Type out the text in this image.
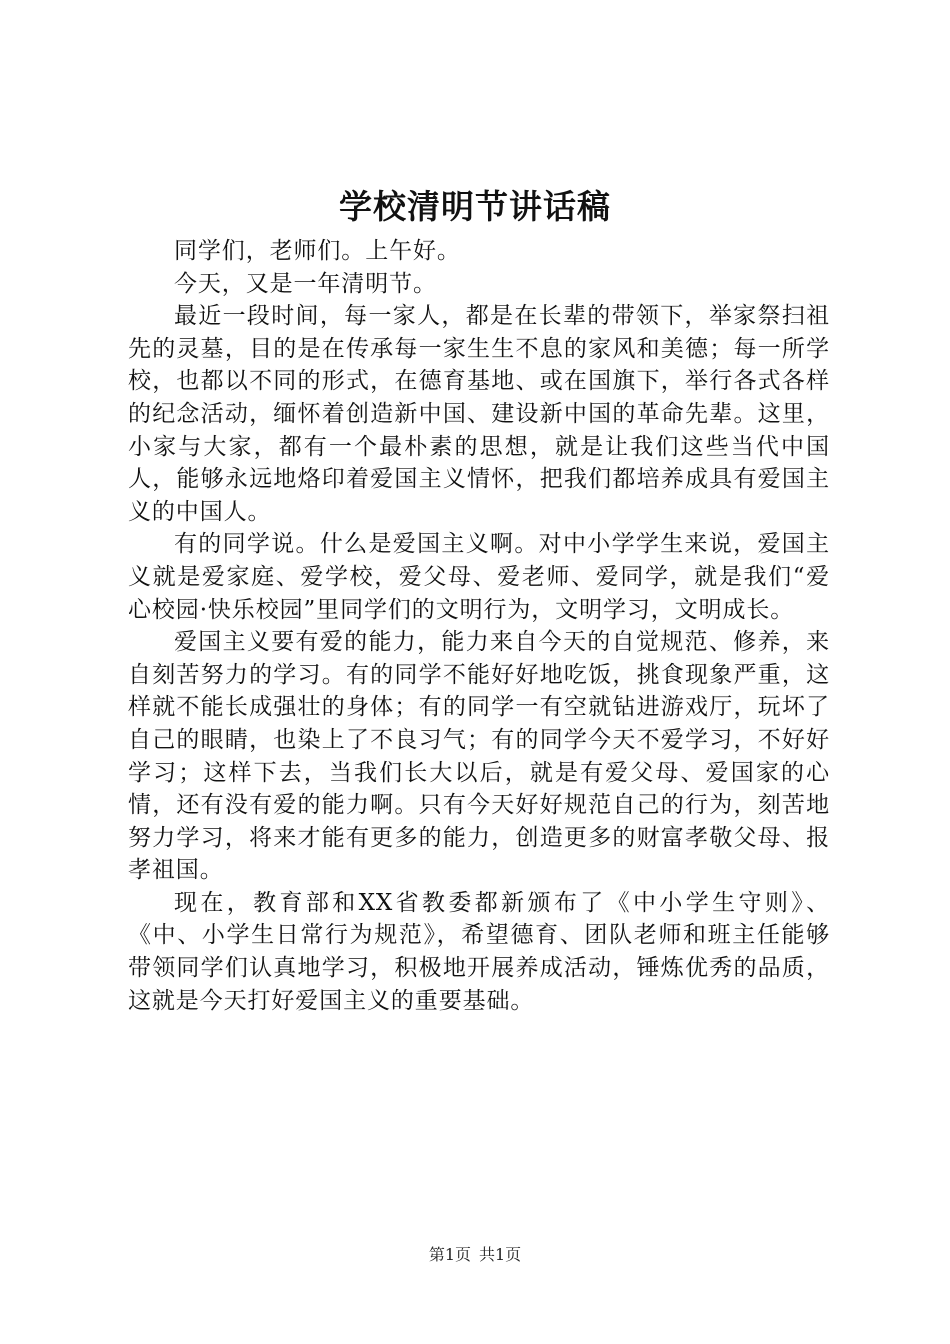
学校清明节讲话稿

同学们，老师们。上午好。

今天，又是一年清明节。

最近一段时间，每一家人，都是在长辈的带领下，举家祭扫祖先的灵墓，目的是在传承每一家生生不息的家风和美德；每一所学校，也都以不同的形式，在德育基地、或在国旗下，举行各式各样的纪念活动，缅怀着创造新中国、建设新中国的革命先辈。这里，小家与大家，都有一个最朴素的思想，就是让我们这些当代中国人，能够永远地烙印着爱国主义情怀，把我们都培养成具有爱国主义的中国人。

有的同学说。什么是爱国主义啊。对中小学学生来说，爱国主义就是爱家庭、爱学校，爱父母、爱老师、爱同学，就是我们“爱心校园·快乐校园”里同学们的文明行为，文明学习，文明成长。

爱国主义要有爱的能力，能力来自今天的自觉规范、修养，来自刻苦努力的学习。有的同学不能好好地吃饭，挑食现象严重，这样就不能长成强壮的身体；有的同学一有空就钻进游戏厅，玩坏了自己的眼睛，也染上了不良习气；有的同学今天不爱学习，不好好学习；这样下去，当我们长大以后，就是有爱父母、爱国家的心情，还有没有爱的能力啊。只有今天好好规范自己的行为，刻苦地努力学习，将来才能有更多的能力，创造更多的财富孝敬父母、报孝祖国。

现在，教育部和XX省教委都新颁布了《中小学生守则》、《中、小学生日常行为规范》，希望德育、团队老师和班主任能够带领同学们认真地学习，积极地开展养成活动，锤炼优秀的品质，这就是今天打好爱国主义的重要基础。

第1页 共1页
